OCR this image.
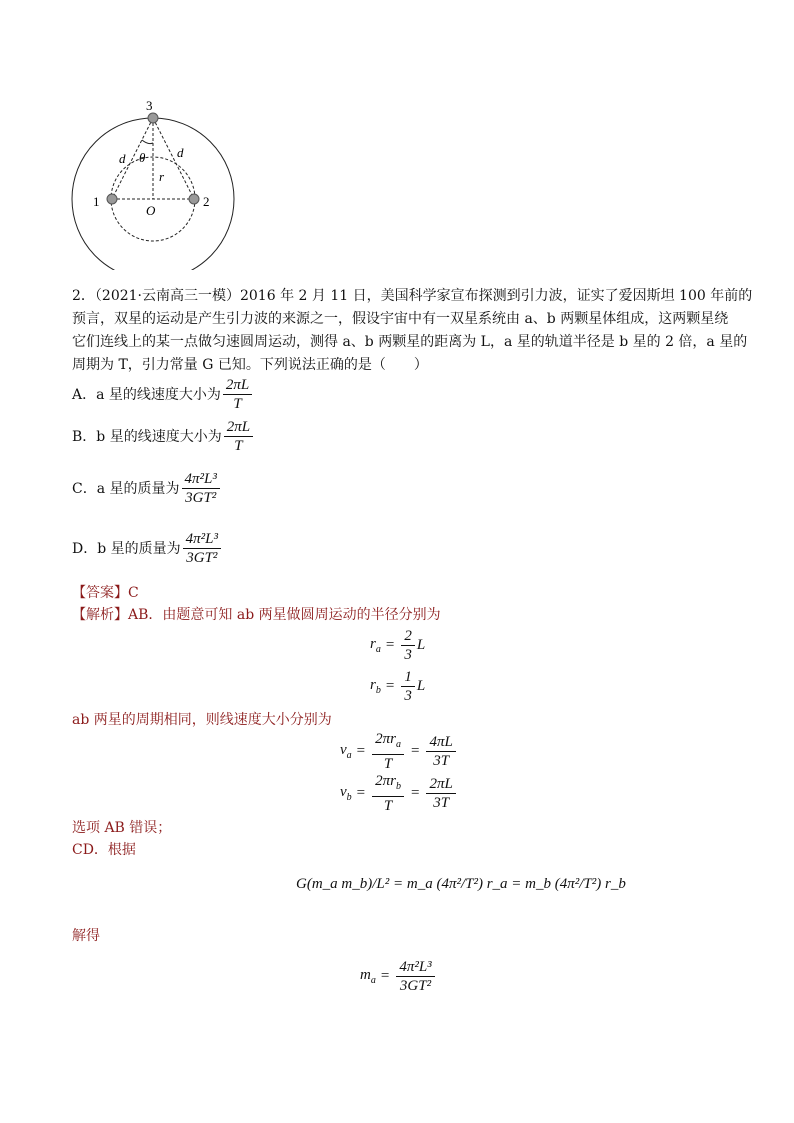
3
1	2
O
d	d
θ
r
2．（2021·云南高三一模）2016 年 2 月 11 日，美国科学家宣布探测到引力波，证实了爱因斯坦 100 年前的
预言，双星的运动是产生引力波的来源之一，假设宇宙中有一双星系统由 a、b 两颗星体组成，这两颗星绕
它们连线上的某一点做匀速圆周运动，测得 a、b 两颗星的距离为 L，a 星的轨道半径是 b 星的 2 倍，a 星的
周期为 T，引力常量 G 已知。下列说法正确的是（　　）
A． a 星的线速度大小为 $\frac{2\pi L}{T}$
B． b 星的线速度大小为 $\frac{2\pi L}{T}$
C． a 星的质量为 $\frac{\text{4π²L³}}{\text{3GT²}}$
D． b 星的质量为 $\frac{\text{4π²L³}}{\text{3GT²}}$
【答案】C
【解析】AB．由题意可知 ab 两星做圆周运动的半径分别为
$r_a = \frac{2}{3}$ L
$r_b = \frac{1}{3}$ L
ab 两星的周期相同，则线速度大小分别为
$v_a = \frac{2\pi r_a}{T} = \frac{4\pi L}{3T}$
$v_b = \frac{2\pi r_b}{T} = \frac{2\pi L}{3T}$
选项 AB 错误；
CD．根据
G(m_a m_b)/L² = m_a (4π²/T²) r_a = m_b (4π²/T²) r_b
解得
$m_a = \frac{\text{4π²L³}}{\text{3GT²}}$
